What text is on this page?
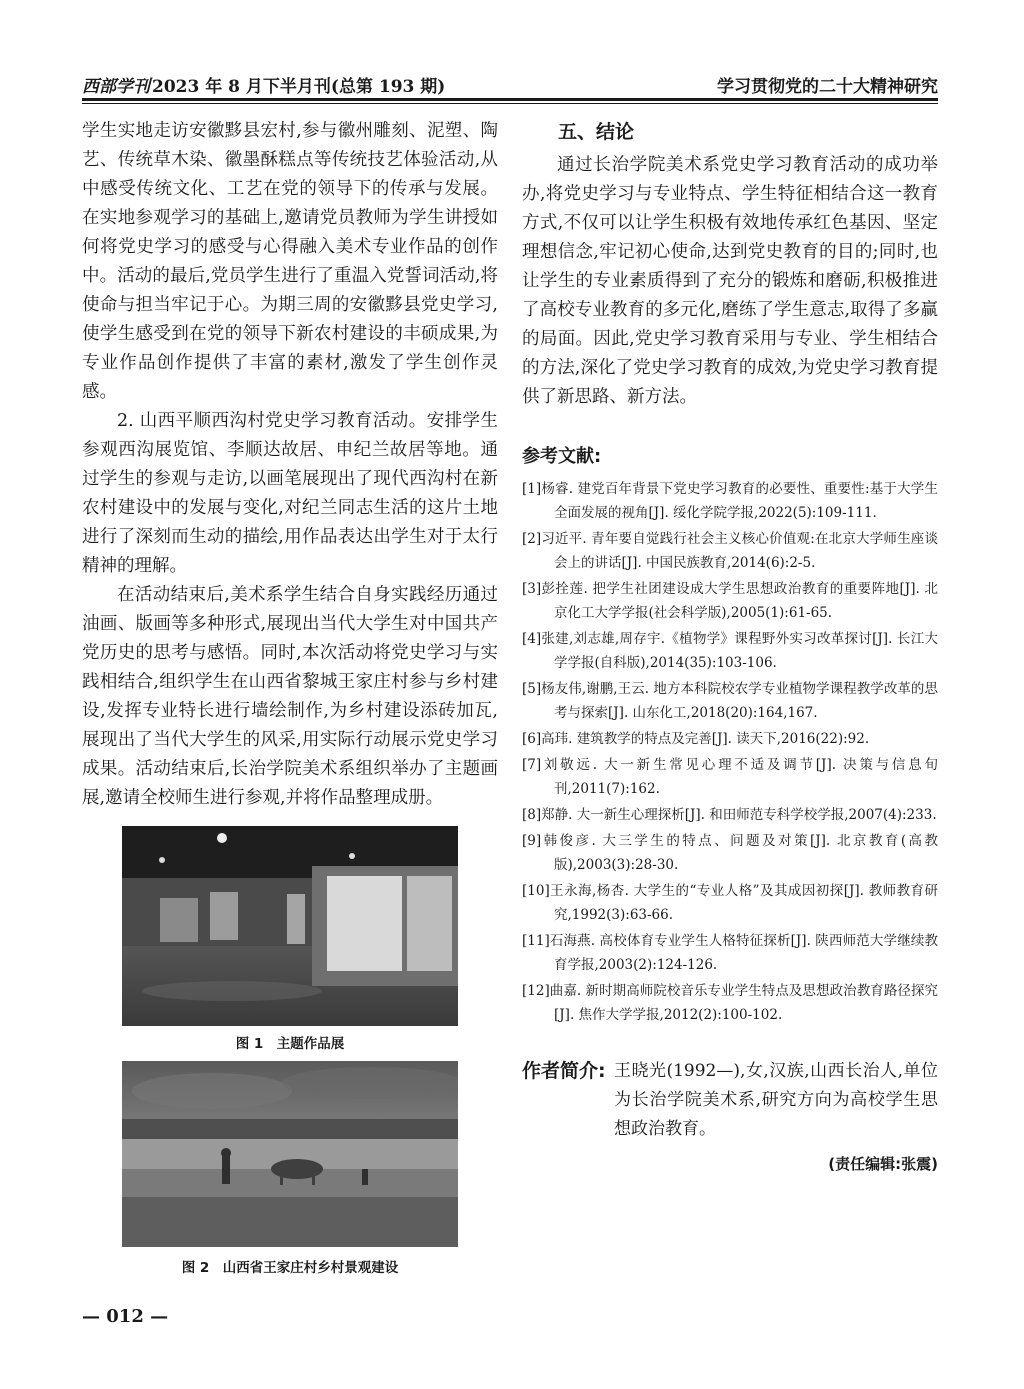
西部学刊 2023 年 8 月下半月刊(总第 193 期)	学习贯彻党的二十大精神研究

学生实地走访安徽黟县宏村,参与徽州雕刻、泥塑、陶艺、传统草木染、徽墨酥糕点等传统技艺体验活动,从中感受传统文化、工艺在党的领导下的传承与发展。在实地参观学习的基础上,邀请党员教师为学生讲授如何将党史学习的感受与心得融入美术专业作品的创作中。活动的最后,党员学生进行了重温入党誓词活动,将使命与担当牢记于心。为期三周的安徽黟县党史学习,使学生感受到在党的领导下新农村建设的丰硕成果,为专业作品创作提供了丰富的素材,激发了学生创作灵感。

2. 山西平顺西沟村党史学习教育活动。安排学生参观西沟展览馆、李顺达故居、申纪兰故居等地。通过学生的参观与走访,以画笔展现出了现代西沟村在新农村建设中的发展与变化,对纪兰同志生活的这片土地进行了深刻而生动的描绘,用作品表达出学生对于太行精神的理解。

在活动结束后,美术系学生结合自身实践经历通过油画、版画等多种形式,展现出当代大学生对中国共产党历史的思考与感悟。同时,本次活动将党史学习与实践相结合,组织学生在山西省黎城王家庄村参与乡村建设,发挥专业特长进行墙绘制作,为乡村建设添砖加瓦,展现出了当代大学生的风采,用实际行动展示党史学习成果。活动结束后,长治学院美术系组织举办了主题画展,邀请全校师生进行参观,并将作品整理成册。

图 1　主题作品展
图 2　山西省王家庄村乡村景观建设
五、结论

通过长治学院美术系党史学习教育活动的成功举办,将党史学习与专业特点、学生特征相结合这一教育方式,不仅可以让学生积极有效地传承红色基因、坚定理想信念,牢记初心使命,达到党史教育的目的;同时,也让学生的专业素质得到了充分的锻炼和磨砺,积极推进了高校专业教育的多元化,磨练了学生意志,取得了多赢的局面。因此,党史学习教育采用与专业、学生相结合的方法,深化了党史学习教育的成效,为党史学习教育提供了新思路、新方法。

参考文献:
[1]杨睿. 建党百年背景下党史学习教育的必要性、重要性:基于大学生全面发展的视角[J]. 绥化学院学报,2022(5):109-111.
[2]习近平. 青年要自觉践行社会主义核心价值观:在北京大学师生座谈会上的讲话[J]. 中国民族教育,2014(6):2-5.
[3]彭拴莲. 把学生社团建设成大学生思想政治教育的重要阵地[J]. 北京化工大学学报(社会科学版),2005(1):61-65.
[4]张建,刘志雄,周存宇.《植物学》课程野外实习改革探讨[J]. 长江大学学报(自科版),2014(35):103-106.
[5]杨友伟,谢鹏,王云. 地方本科院校农学专业植物学课程教学改革的思考与探索[J]. 山东化工,2018(20):164,167.
[6]高玮. 建筑教学的特点及完善[J]. 读天下,2016(22):92.
[7]刘敬远. 大一新生常见心理不适及调节[J]. 决策与信息旬刊,2011(7):162.
[8]郑静. 大一新生心理探析[J]. 和田师范专科学校学报,2007(4):233.
[9]韩俊彦. 大三学生的特点、问题及对策[J]. 北京教育(高教版),2003(3):28-30.
[10]王永海,杨杏. 大学生的“专业人格”及其成因初探[J]. 教师教育研究,1992(3):63-66.
[11]石海燕. 高校体育专业学生人格特征探析[J]. 陕西师范大学继续教育学报,2003(2):124-126.
[12]曲嘉. 新时期高师院校音乐专业学生特点及思想政治教育路径探究[J]. 焦作大学学报,2012(2):100-102.
作者简介: 王晓光(1992—),女,汉族,山西长治人,单位为长治学院美术系,研究方向为高校学生思想政治教育。
(责任编辑:张震)
— 012 —
